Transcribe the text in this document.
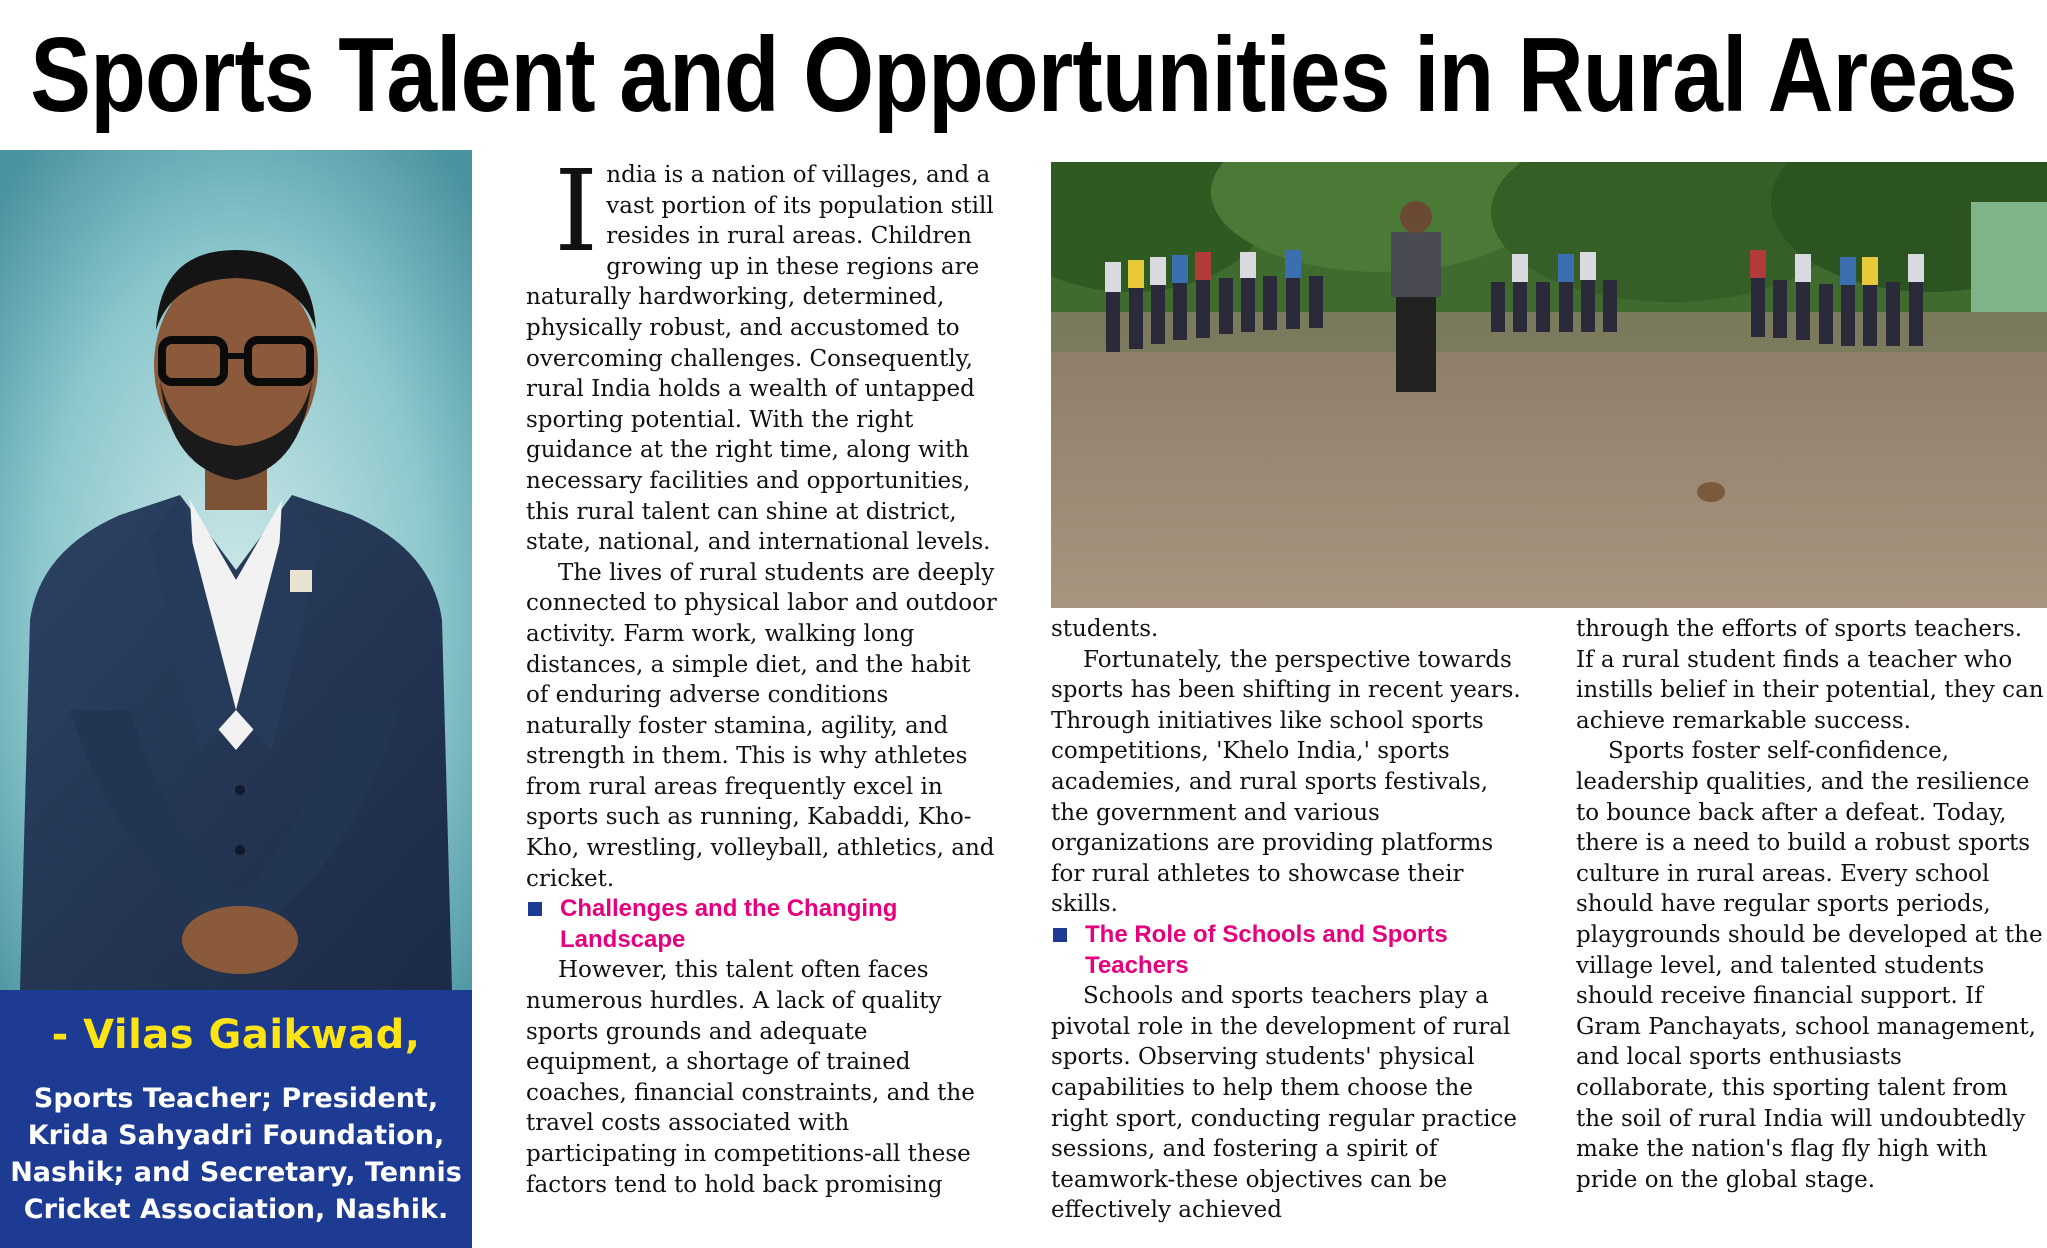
Sports Talent and Opportunities in Rural Areas
- Vilas Gaikwad,
Sports Teacher; President,
Krida Sahyadri Foundation,
Nashik; and Secretary, Tennis
Cricket Association, Nashik.

India is a nation of villages, and a vast portion of its population still resides in rural areas. Children growing up in these regions are naturally hardworking, determined, physically robust, and accustomed to overcoming challenges. Consequently, rural India holds a wealth of untapped sporting potential. With the right guidance at the right time, along with necessary facilities and opportunities, this rural talent can shine at district, state, national, and international levels.

The lives of rural students are deeply connected to physical labor and outdoor activity. Farm work, walking long distances, a simple diet, and the habit of enduring adverse conditions naturally foster stamina, agility, and strength in them. This is why athletes from rural areas frequently excel in sports such as running, Kabaddi, Kho-Kho, wrestling, volleyball, athletics, and cricket.

Challenges and the Changing Landscape

However, this talent often faces numerous hurdles. A lack of quality sports grounds and adequate equipment, a shortage of trained coaches, financial constraints, and the travel costs associated with participating in competitions-all these factors tend to hold back promising

students.

Fortunately, the perspective towards sports has been shifting in recent years. Through initiatives like school sports competitions, 'Khelo India,' sports academies, and rural sports festivals, the government and various organizations are providing platforms for rural athletes to showcase their skills.

The Role of Schools and Sports Teachers

Schools and sports teachers play a pivotal role in the development of rural sports. Observing students' physical capabilities to help them choose the right sport, conducting regular practice sessions, and fostering a spirit of teamwork-these objectives can be effectively achieved

through the efforts of sports teachers. If a rural student finds a teacher who instills belief in their potential, they can achieve remarkable success.

Sports foster self-confidence, leadership qualities, and the resilience to bounce back after a defeat. Today, there is a need to build a robust sports culture in rural areas. Every school should have regular sports periods, playgrounds should be developed at the village level, and talented students should receive financial support. If Gram Panchayats, school management, and local sports enthusiasts collaborate, this sporting talent from the soil of rural India will undoubtedly make the nation's flag fly high with pride on the global stage.
